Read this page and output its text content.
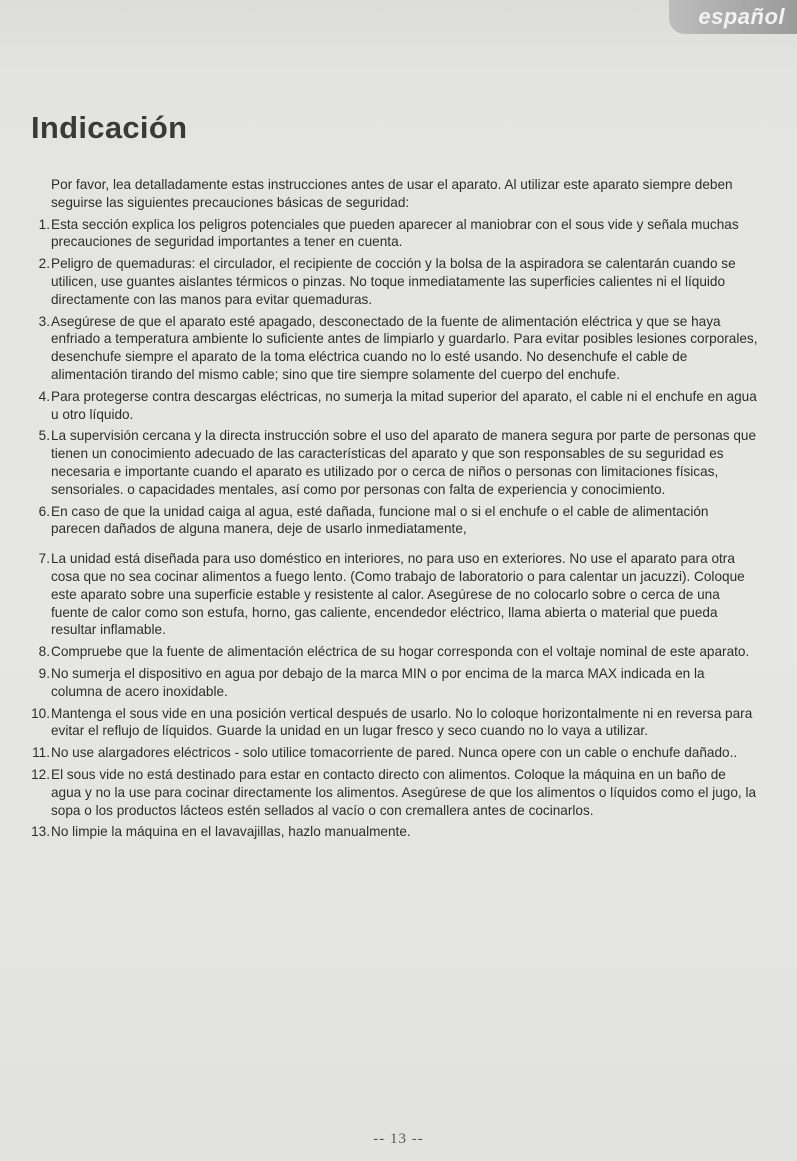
español
Indicación

Por favor, lea detalladamente estas instrucciones antes de usar el aparato. Al utilizar este aparato siempre deben seguirse las siguientes precauciones básicas de seguridad:

1. Esta sección explica los peligros potenciales que pueden aparecer al maniobrar con el sous vide y señala muchas precauciones de seguridad importantes a tener en cuenta.
2. Peligro de quemaduras: el circulador, el recipiente de cocción y la bolsa de la aspiradora se calentarán cuando se utilicen, use guantes aislantes térmicos o pinzas. No toque inmediatamente las superficies calientes ni el líquido directamente con las manos para evitar quemaduras.
3. Asegúrese de que el aparato esté apagado, desconectado de la fuente de alimentación eléctrica y que se haya enfriado a temperatura ambiente lo suficiente antes de limpiarlo y guardarlo. Para evitar posibles lesiones corporales, desenchufe siempre el aparato de la toma eléctrica cuando no lo esté usando. No desenchufe el cable de alimentación tirando del mismo cable; sino que tire siempre solamente del cuerpo del enchufe.
4. Para protegerse contra descargas eléctricas, no sumerja la mitad superior del aparato, el cable ni el enchufe en agua u otro líquido.
5. La supervisión cercana y la directa instrucción sobre el uso del aparato de manera segura por parte de personas que tienen un conocimiento adecuado de las características del aparato y que son responsables de su seguridad es necesaria e importante cuando el aparato es utilizado por o cerca de niños o personas con limitaciones físicas, sensoriales. o capacidades mentales, así como por personas con falta de experiencia y conocimiento.
6. En caso de que la unidad caiga al agua, esté dañada, funcione mal o si el enchufe o el cable de alimentación parecen dañados de alguna manera, deje de usarlo inmediatamente,
7. La unidad está diseñada para uso doméstico en interiores, no para uso en exteriores. No use el aparato para otra cosa que no sea cocinar alimentos a fuego lento. (Como trabajo de laboratorio o para calentar un jacuzzi). Coloque este aparato sobre una superficie estable y resistente al calor. Asegúrese de no colocarlo sobre o cerca de una fuente de calor como son estufa, horno, gas caliente, encendedor eléctrico, llama abierta o material que pueda resultar inflamable.
8. Compruebe que la fuente de alimentación eléctrica de su hogar corresponda con el voltaje nominal de este aparato.
9. No sumerja el dispositivo en agua por debajo de la marca MIN o por encima de la marca MAX indicada en la columna de acero inoxidable.
10. Mantenga el sous vide en una posición vertical después de usarlo. No lo coloque horizontalmente ni en reversa para evitar el reflujo de líquidos. Guarde la unidad en un lugar fresco y seco cuando no lo vaya a utilizar.
11. No use alargadores eléctricos - solo utilice tomacorriente de pared. Nunca opere con un cable o enchufe dañado..
12. El sous vide no está destinado para estar en contacto directo con alimentos. Coloque la máquina en un baño de agua y no la use para cocinar directamente los alimentos. Asegúrese de que los alimentos o líquidos como el jugo, la sopa o los productos lácteos estén sellados al vacío o con cremallera antes de cocinarlos.
13. No limpie la máquina en el lavavajillas, hazlo manualmente.
-- 13 --
